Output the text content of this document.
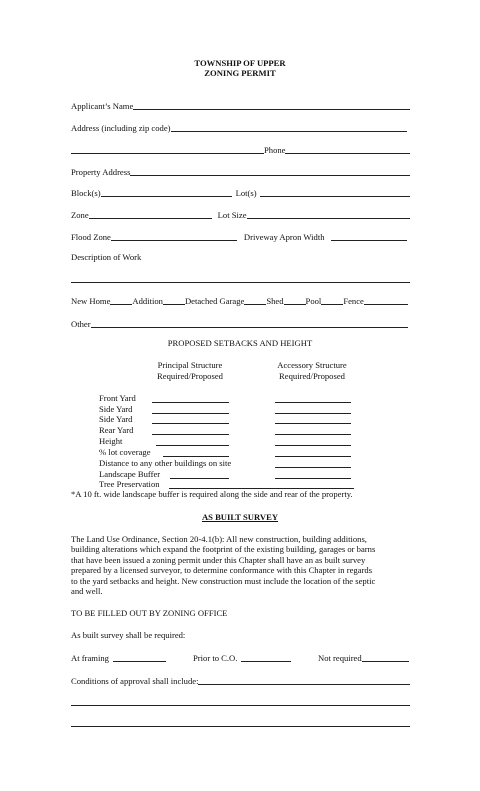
TOWNSHIP OF UPPER
ZONING PERMIT
Applicant’s Name
Address (including zip code)
Phone
Property Address
Block(s)	Lot(s)
Zone	Lot Size
Flood Zone	Driveway Apron Width
Description of Work
New Home	Addition	Detached Garage	Shed	Pool	Fence
Other
PROPOSED SETBACKS AND HEIGHT
Principal Structure
Required/Proposed
Accessory Structure
Required/Proposed
Front Yard
Side Yard
Side Yard
Rear Yard
Height
% lot coverage
Distance to any other buildings on site
Landscape Buffer
Tree Preservation
*A 10 ft. wide landscape buffer is required along the side and rear of the property.
AS BUILT SURVEY
The Land Use Ordinance, Section 20-4.1(b): All new construction, building additions,
building alterations which expand the footprint of the existing building, garages or barns
that have been issued a zoning permit under this Chapter shall have an as built survey
prepared by a licensed surveyor, to determine conformance with this Chapter in regards
to the yard setbacks and height. New construction must include the location of the septic
and well.
TO BE FILLED OUT BY ZONING OFFICE
As built survey shall be required:
At framing	Prior to C.O.	Not required
Conditions of approval shall include:
